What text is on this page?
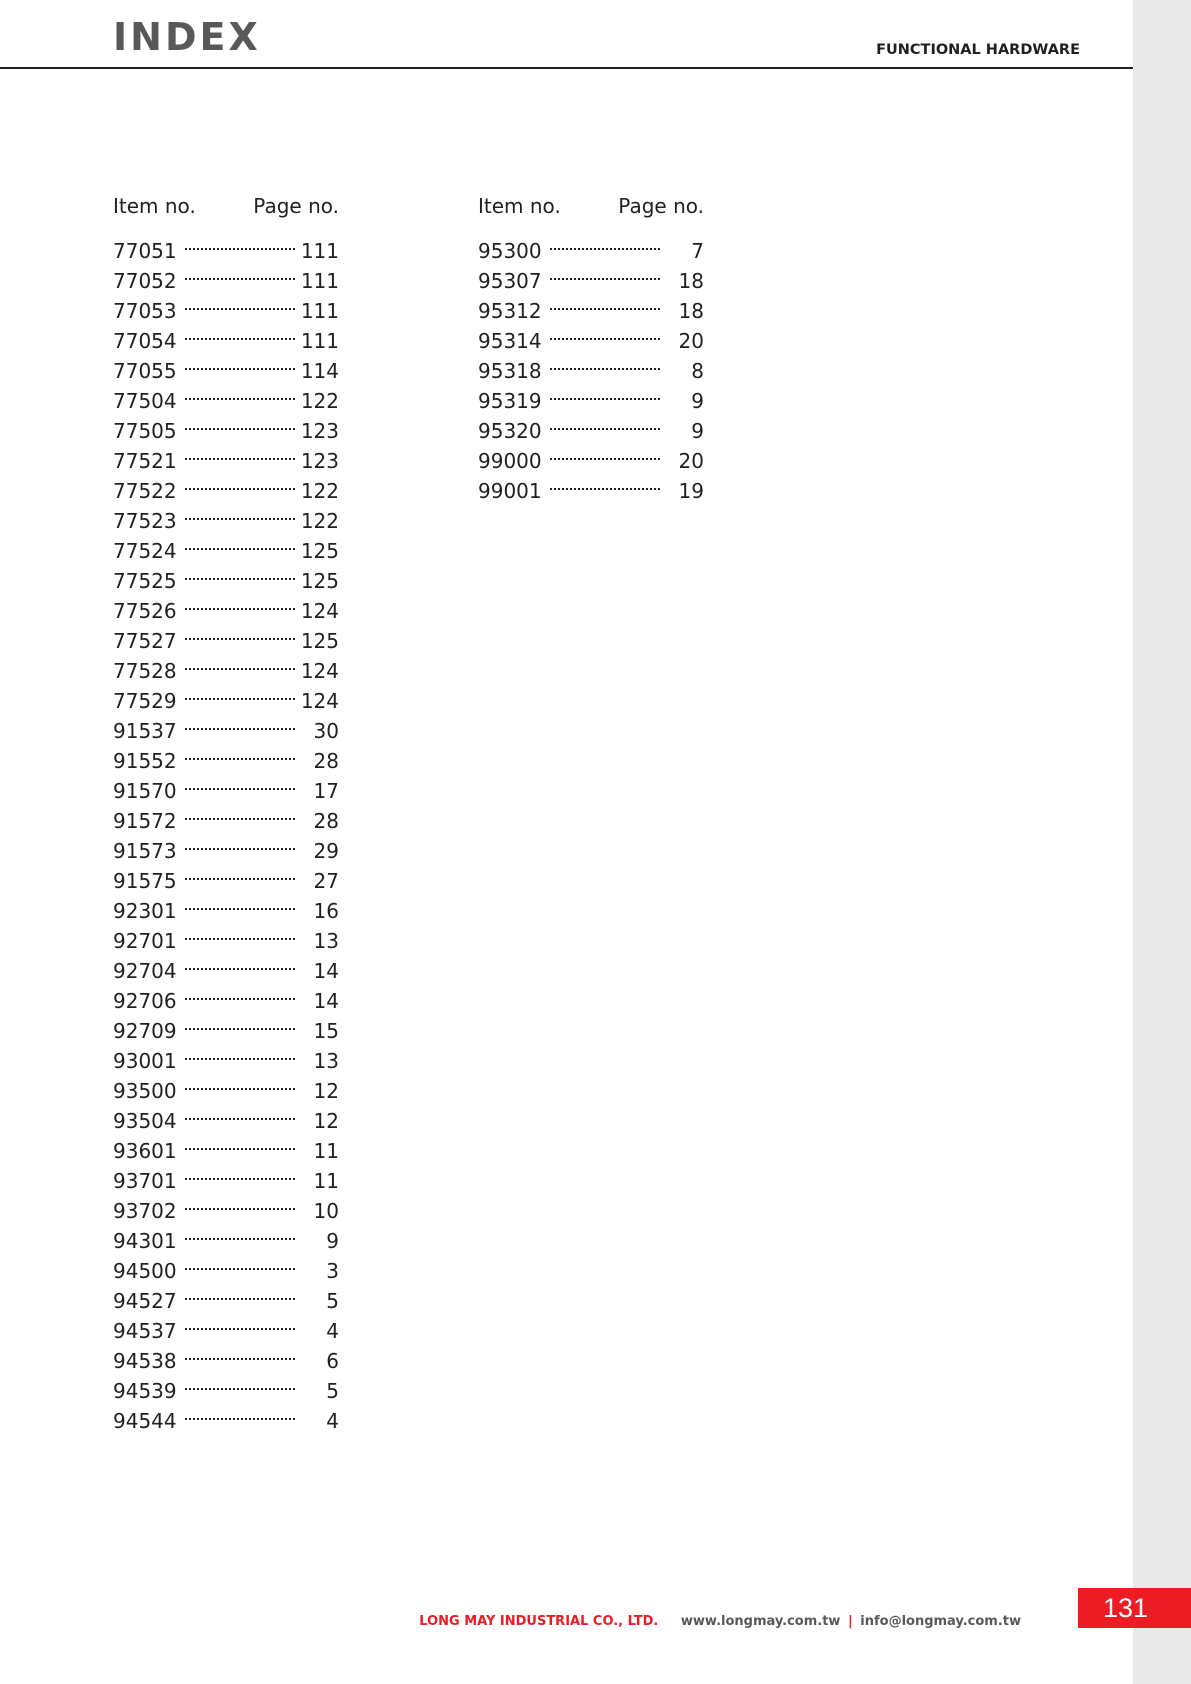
INDEX	FUNCTIONAL HARDWARE
Item no.	Page no.
77051	111
77052	111
77053	111
77054	111
77055	114
77504	122
77505	123
77521	123
77522	122
77523	122
77524	125
77525	125
77526	124
77527	125
77528	124
77529	124
91537	30
91552	28
91570	17
91572	28
91573	29
91575	27
92301	16
92701	13
92704	14
92706	14
92709	15
93001	13
93500	12
93504	12
93601	11
93701	11
93702	10
94301	9
94500	3
94527	5
94537	4
94538	6
94539	5
94544	4
Item no.	Page no.
95300	7
95307	18
95312	18
95314	20
95318	8
95319	9
95320	9
99000	20
99001	19
LONG MAY INDUSTRIAL CO., LTD. www.longmay.com.tw | info@longmay.com.tw	131
